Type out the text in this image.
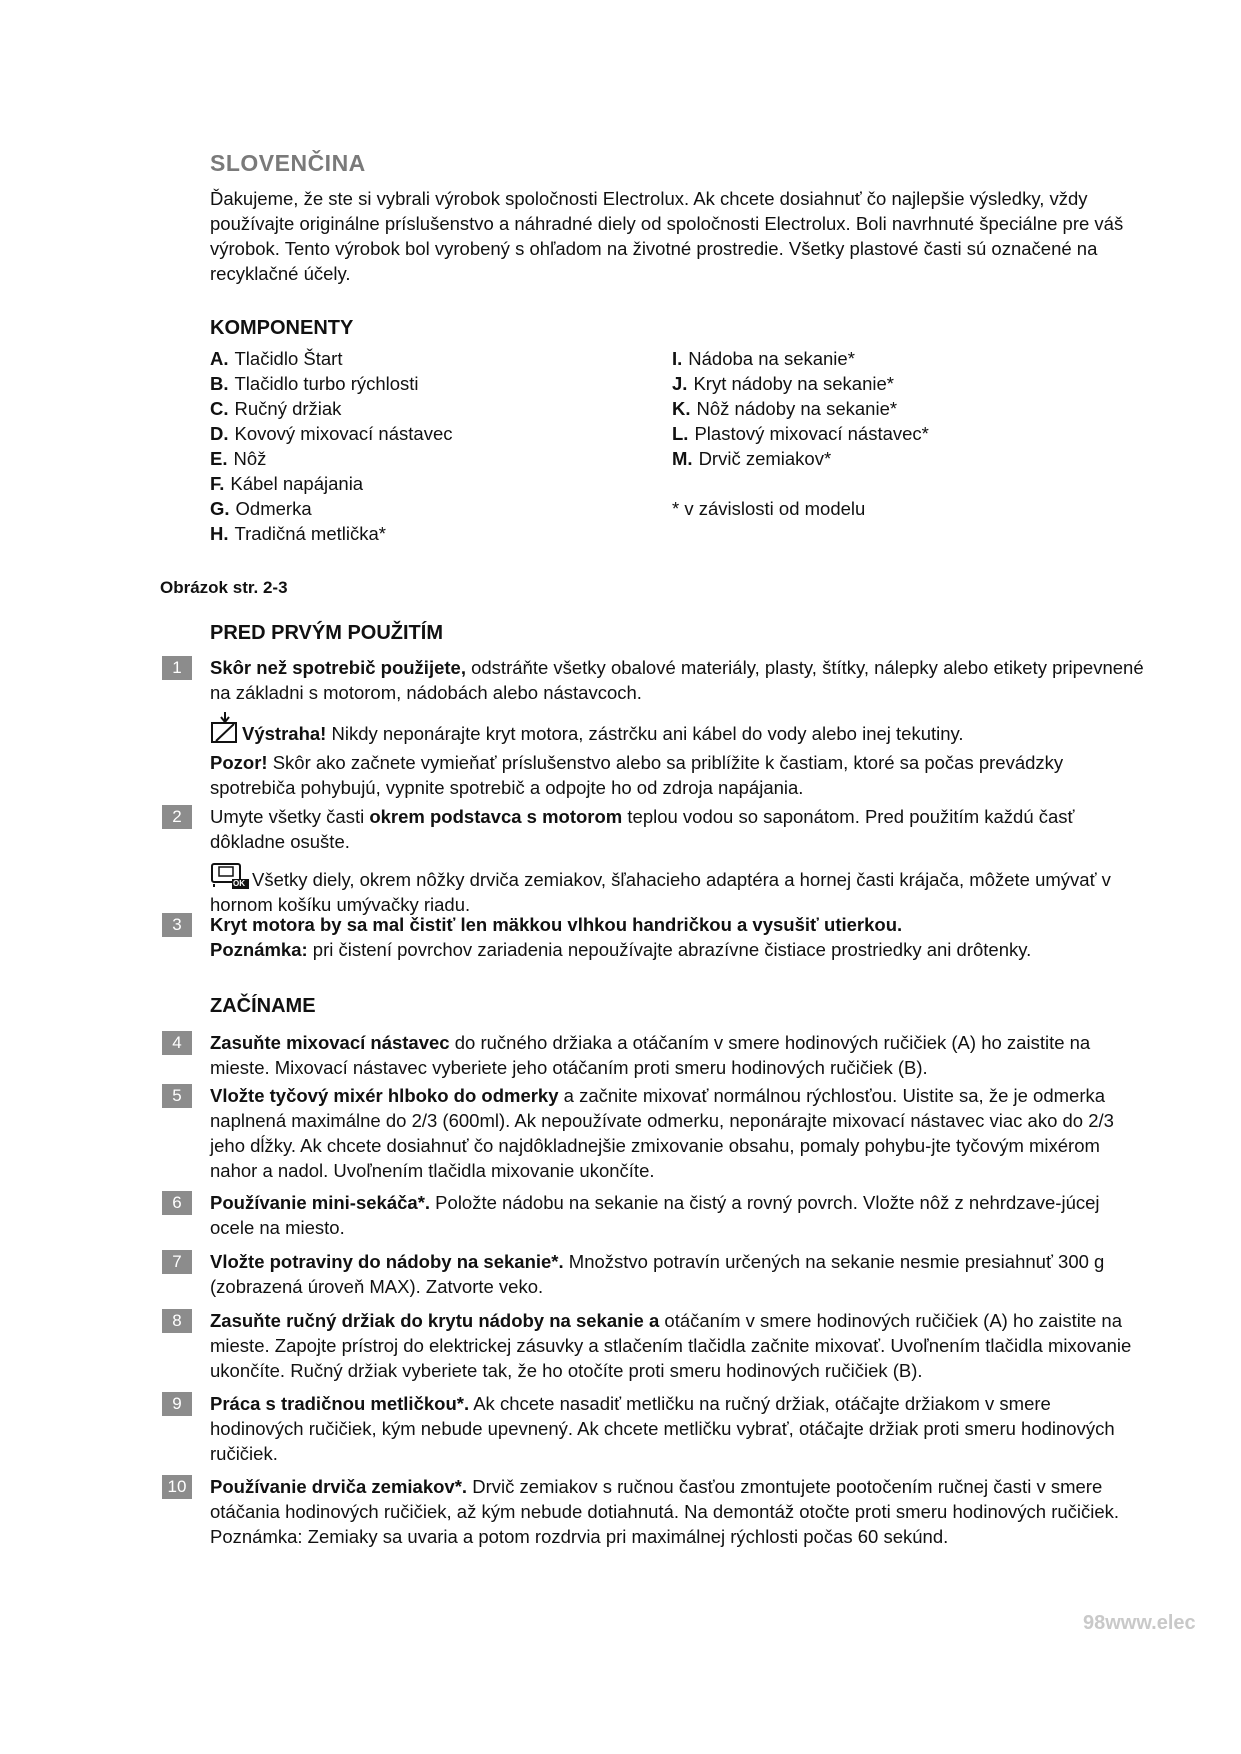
SLOVENČINA

Ďakujeme, že ste si vybrali výrobok spoločnosti Electrolux. Ak chcete dosiahnuť čo najlepšie výsledky, vždy používajte originálne príslušenstvo a náhradné diely od spoločnosti Electrolux. Boli navrhnuté špeciálne pre váš výrobok. Tento výrobok bol vyrobený s ohľadom na životné prostredie. Všetky plastové časti sú označené na recyklačné účely.

KOMPONENTY
A. Tlačidlo Štart
B. Tlačidlo turbo rýchlosti
C. Ručný držiak
D. Kovový mixovací nástavec
E. Nôž
F. Kábel napájania
G. Odmerka
H. Tradičná metlička*
I. Nádoba na sekanie*
J. Kryt nádoby na sekanie*
K. Nôž nádoby na sekanie*
L. Plastový mixovací nástavec*
M. Drvič zemiakov*
* v závislosti od modelu
Obrázok str. 2-3
PRED PRVÝM POUŽITÍM
1	Skôr než spotrebič použijete, odstráňte všetky obalové materiály, plasty, štítky, nálepky alebo etikety pripevnené na základni s motorom, nádobách alebo nástavcoch.

Výstraha! Nikdy neponárajte kryt motora, zástrčku ani kábel do vody alebo inej tekutiny.

Pozor! Skôr ako začnete vymieňať príslušenstvo alebo sa priblížite k častiam, ktoré sa počas prevádzky spotrebiča pohybujú, vypnite spotrebič a odpojte ho od zdroja napájania.

2	Umyte všetky časti okrem podstavca s motorom teplou vodou so saponátom. Pred použitím každú časť dôkladne osušte.

OK Všetky diely, okrem nôžky drviča zemiakov, šľahacieho adaptéra a hornej časti krájača, môžete umývať v hornom košíku umývačky riadu.

3	Kryt motora by sa mal čistiť len mäkkou vlhkou handričkou a vysušiť utierkou.

Poznámka: pri čistení povrchov zariadenia nepoužívajte abrazívne čistiace prostriedky ani drôtenky.

ZAČÍNAME
4	Zasuňte mixovací nástavec do ručného držiaka a otáčaním v smere hodinových ručičiek (A) ho zaistite na mieste. Mixovací nástavec vyberiete jeho otáčaním proti smeru hodinových ručičiek (B).

5	Vložte tyčový mixér hlboko do odmerky a začnite mixovať normálnou rýchlosťou. Uistite sa, že je odmerka naplnená maximálne do 2/3 (600ml). Ak nepoužívate odmerku, neponárajte mixovací nástavec viac ako do 2/3 jeho dĺžky. Ak chcete dosiahnuť čo najdôkladnejšie zmixovanie obsahu, pomaly pohybu-jte tyčovým mixérom nahor a nadol. Uvoľnením tlačidla mixovanie ukončíte.

6	Používanie mini-sekáča*. Položte nádobu na sekanie na čistý a rovný povrch. Vložte nôž z nehrdzave-júcej ocele na miesto.

7	Vložte potraviny do nádoby na sekanie*. Množstvo potravín určených na sekanie nesmie presiahnuť 300 g (zobrazená úroveň MAX). Zatvorte veko.

8	Zasuňte ručný držiak do krytu nádoby na sekanie a otáčaním v smere hodinových ručičiek (A) ho zaistite na mieste. Zapojte prístroj do elektrickej zásuvky a stlačením tlačidla začnite mixovať. Uvoľnením tlačidla mixovanie ukončíte. Ručný držiak vyberiete tak, že ho otočíte proti smeru hodinových ručičiek (B).

9	Práca s tradičnou metličkou*. Ak chcete nasadiť metličku na ručný držiak, otáčajte držiakom v smere hodinových ručičiek, kým nebude upevnený. Ak chcete metličku vybrať, otáčajte držiak proti smeru hodinových ručičiek.

10 Používanie drviča zemiakov*. Drvič zemiakov s ručnou časťou zmontujete pootočením ručnej časti v smere otáčania hodinových ručičiek, až kým nebude dotiahnutá. Na demontáž otočte proti smeru hodinových ručičiek.

Poznámka: Zemiaky sa uvaria a potom rozdrvia pri maximálnej rýchlosti počas 60 sekúnd.

98www.elec
